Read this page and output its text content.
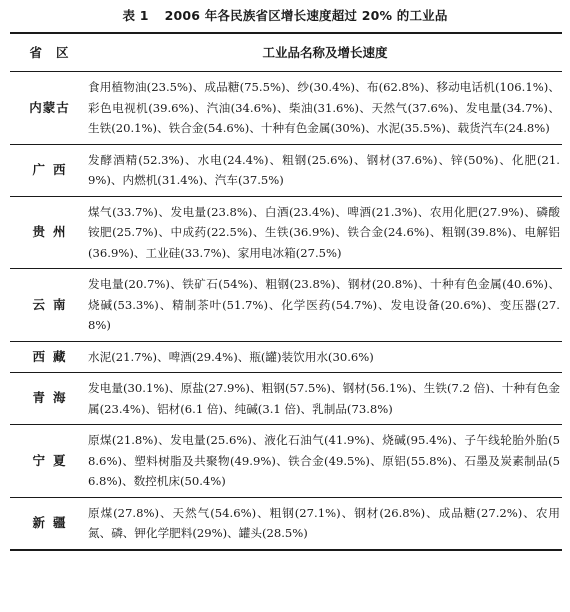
表 1 2006 年各民族省区增长速度超过 20% 的工业品
省区	工业品名称及增长速度
内蒙古	食用植物油(23.5%)、成品糖(75.5%)、纱(30.4%)、布(62.8%)、移动电话机(106.1%)、彩色电视机(39.6%)、汽油(34.6%)、柴油(31.6%)、天然气(37.6%)、发电量(34.7%)、生铁(20.1%)、铁合金(54.6%)、十种有色金属(30%)、水泥(35.5%)、载货汽车(24.8%)
广西	发酵酒精(52.3%)、水电(24.4%)、粗钢(25.6%)、钢材(37.6%)、锌(50%)、化肥(21.9%)、内燃机(31.4%)、汽车(37.5%)
贵州	煤气(33.7%)、发电量(23.8%)、白酒(23.4%)、啤酒(21.3%)、农用化肥(27.9%)、磷酸铵肥(25.7%)、中成药(22.5%)、生铁(36.9%)、铁合金(24.6%)、粗钢(39.8%)、电解铝(36.9%)、工业硅(33.7%)、家用电冰箱(27.5%)
云南	发电量(20.7%)、铁矿石(54%)、粗钢(23.8%)、钢材(20.8%)、十种有色金属(40.6%)、烧碱(53.3%)、精制茶叶(51.7%)、化学医药(54.7%)、发电设备(20.6%)、变压器(27.8%)
西藏	水泥(21.7%)、啤酒(29.4%)、瓶(罐)装饮用水(30.6%)
青海	发电量(30.1%)、原盐(27.9%)、粗钢(57.5%)、钢材(56.1%)、生铁(7.2 倍)、十种有色金属(23.4%)、铝材(6.1 倍)、纯碱(3.1 倍)、乳制品(73.8%)
宁夏	原煤(21.8%)、发电量(25.6%)、液化石油气(41.9%)、烧碱(95.4%)、子午线轮胎外胎(58.6%)、塑料树脂及共聚物(49.9%)、铁合金(49.5%)、原铝(55.8%)、石墨及炭素制品(56.8%)、数控机床(50.4%)
新疆	原煤(27.8%)、天然气(54.6%)、粗钢(27.1%)、钢材(26.8%)、成品糖(27.2%)、农用氮、磷、钾化学肥料(29%)、罐头(28.5%)
